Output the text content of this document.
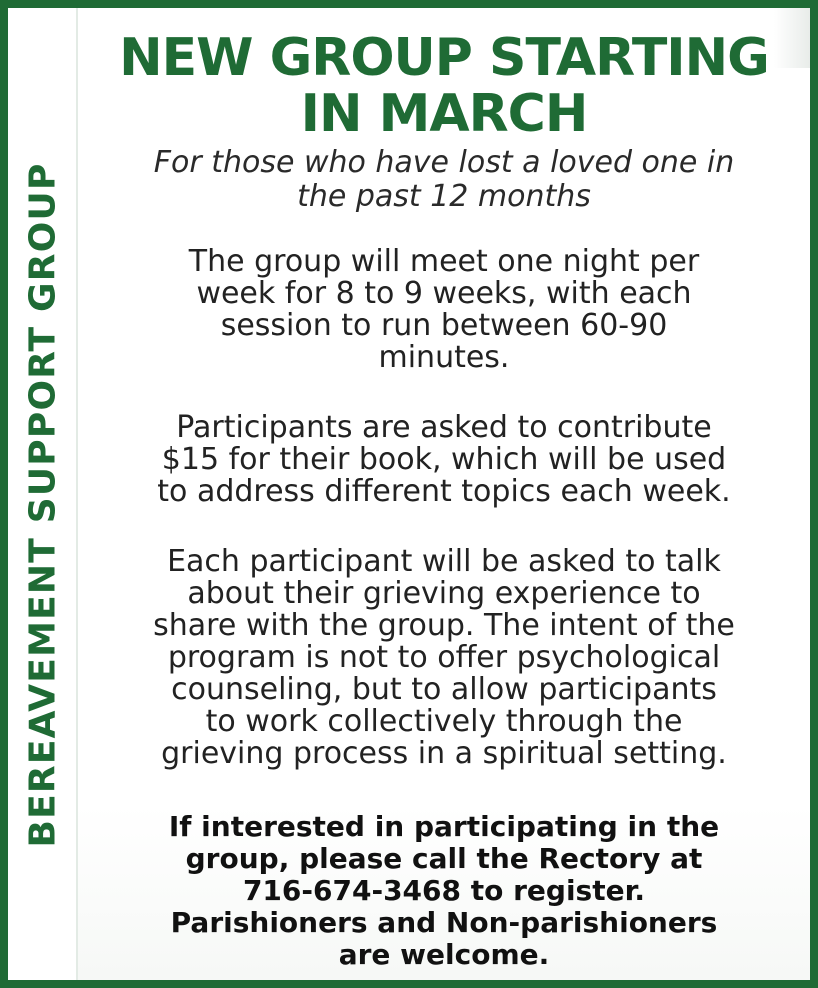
BEREAVEMENT SUPPORT GROUP
NEW GROUP STARTING
IN MARCH

For those who have lost a loved one in
the past 12 months

The group will meet one night per
week for 8 to 9 weeks, with each
session to run between 60-90
minutes.

Participants are asked to contribute
$15 for their book, which will be used
to address different topics each week.

Each participant will be asked to talk
about their grieving experience to
share with the group. The intent of the
program is not to offer psychological
counseling, but to allow participants
to work collectively through the
grieving process in a spiritual setting.

If interested in participating in the
group, please call the Rectory at
716-674-3468 to register.
Parishioners and Non-parishioners
are welcome.
